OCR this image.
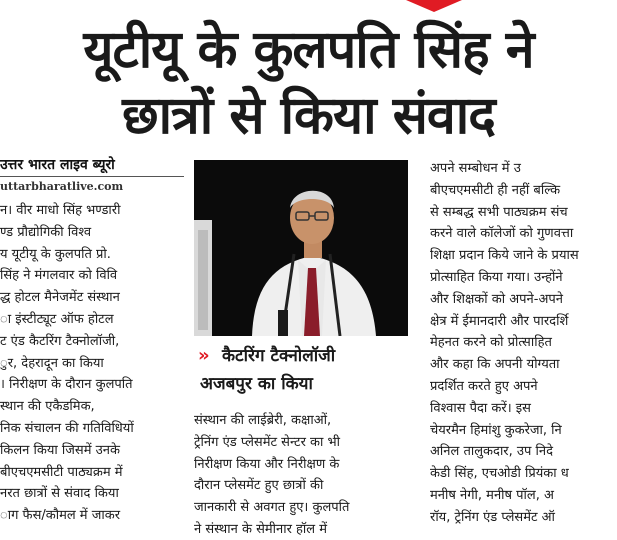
यूटीयू के कुलपति सिंह ने
छात्रों से किया संवाद
उत्तर भारत लाइव ब्यूरो
uttarbharatlive.com
न। वीर माधो सिंह भण्डारी
ण्ड प्रौद्योगिकी विश्व
य यूटीयू के कुलपति प्रो.
सिंह ने मंगलवार को विवि
द्ध होटल मैनेजमेंट संस्थान
ा इंस्टीट्यूट ऑफ होटल
ट एंड कैटरिंग टैक्नोलॉजी,
ुर, देहरादून का किया
। निरीक्षण के दौरान कुलपति
स्थान की एकैडमिक,
निक संचालन की गतिविधियों
किलन किया जिसमें उनके
बीएचएमसीटी पाठ्यक्रम में
नरत छात्रों से संवाद किया
ाग फैस/कौमल में जाकर
» कैटरिंग टैक्नोलॉजी
अजबपुर का किया
संस्थान की लाईब्रेरी, कक्षाओं,
ट्रेनिंग एंड प्लेसमेंट सेन्टर का भी
निरीक्षण किया और निरीक्षण के
दौरान प्लेसमेंट हुए छात्रों की
जानकारी से अवगत हुए। कुलपति
ने संस्थान के सेमीनार हॉल में
अपने सम्बोधन में उ
बीएचएमसीटी ही नहीं बल्कि
से सम्बद्ध सभी पाठ्यक्रम संच
करने वाले कॉलेजों को गुणवत्ता
शिक्षा प्रदान किये जाने के प्रयास
प्रोत्साहित किया गया। उन्होंने
और शिक्षकों को अपने-अपने
क्षेत्र में ईमानदारी और पारदर्शि
मेहनत करने को प्रोत्साहित
और कहा कि अपनी योग्यता
प्रदर्शित करते हुए अपने
विश्वास पैदा करें। इस
चेयरमैन हिमांशु कुकरेजा, नि
अनिल तालुकदार, उप निदे
केडी सिंह, एचओडी प्रियंका ध
मनीष नेगी, मनीष पॉल, अ
रॉय, ट्रेनिंग एंड प्लेसमेंट ऑ
